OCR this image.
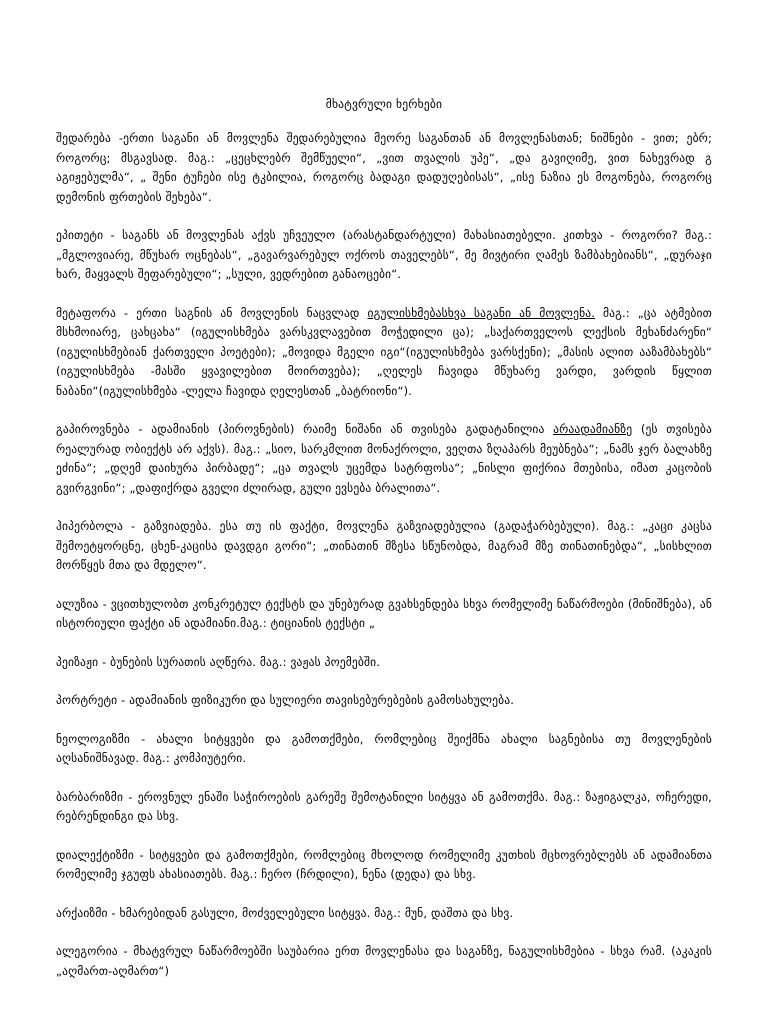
მხატვრული ხერხები

შედარება -ერთი საგანი ან მოვლენა შედარებულია მეორე საგანთან ან მოვლენასთან; ნიშნები - ვით; ებრ; როგორც; მსგავსად. მაგ.: „ცეცხლებრ შემწუელი“, „ვით თვალის უპე“, „და გავიღიმე, ვით ნახევრად გ აგიჟებულმა“, „ შენი ტუჩები ისე ტკბილია, როგორც ბადაგი დადუღებისას“, „ისე ნაზია ეს მოგონება, როგორც დემონის ფრთების შეხება“.

ეპითეტი - საგანს ან მოვლენას აქვს უჩვეულო (არასტანდარტული) მახასიათებელი. კითხვა - როგორი? მაგ.: „მგლოვიარე, მწუხარ ოცნებას“, „გავარვარებულ ოქროს თაველებს“, მე მივტირი ღამეს ზამბახებიანს“, „დურაჯი ხარ, მაყვალს შეფარებული“; „სული, ვედრებით განაოცები“.

მეტაფორა - ერთი საგნის ან მოვლენის ნაცვლად იგულისხმებასხვა საგანი ან მოვლენა. მაგ.: „ცა ატმებით მსხმოიარე, ცახცახა“ (იგულისხმება ვარსკვლავებით მოჭედილი ცა); „საქართველოს ლექსის მეხანძარენი“ (იგულისხმებიან ქართველი პოეტები); „მოვიდა მგელი იგი“(იგულისხმება ვარსქენი); „მასის ალით ააზამბახებს“ (იგულისხმება -მასში ყვავილებით მოირთვება); „ღელეს ჩავიდა მწუხარე ვარდი, ვარდის წყლით ნაბანი“(იგულისხმება -ლელა ჩავიდა ღელესთან „ბატრიონი“).

გაპიროვნება - ადამიანის (პიროვნების) რაიმე ნიშანი ან თვისება გადატანილია არაადამიანზე (ეს თვისება რეალურად ობიექტს არ აქვს). მაგ.: „სიო, სარკმლით მონაქროლი, ვეღთა ზღაპარს მეუბნება“; „ნამს ჯერ ბალახზე ეძინა“; „დღემ დაიხურა პირბადე“; „ცა თვალს უცემდა სატრფოსა“; „ნისლი ფიქრია მთებისა, იმათ კაცობის გვირგვინი“; „დაფიქრდა გველი ძლირად, გული ევსება ბრალითა“.

ჰიპერბოლა - გაზვიადება. ესა თუ ის ფაქტი, მოვლენა გაზვიადებულია (გადაჭარბებული). მაგ.: „კაცი კაცსა შემოეტყორცნე, ცხენ-კაცისა დავდგი გორი“; „თინათინ მზესა სწუნობდა, მაგრამ მზე თინათინებდა“, „სისხლით მორწყეს მთა და მდელო“.

ალუზია - ვცითხულობთ კონკრეტულ ტექსტს და უნებურად გვახსენდება სხვა რომელიმე ნაწარმოები (მინიშნება), ან ისტორიული ფაქტი ან ადამიანი.მაგ.: ტიციანის ტექსტი „

პეიზაჟი - ბუნების სურათის აღწერა. მაგ.: ვაჟას პოემებში.

პორტრეტი - ადამიანის ფიზიკური და სულიერი თავისებურებების გამოსახულება.

ნეოლოგიზმი - ახალი სიტყვები და გამოთქმები, რომლებიც შეიქმნა ახალი საგნებისა თუ მოვლენების აღსანიშნავად. მაგ.: კომპიუტერი.

ბარბარიზმი - ეროვნულ ენაში საჭიროების გარეშე შემოტანილი სიტყვა ან გამოთქმა. მაგ.: ზაჟიგალკა, ოჩერედი, რებრენდინგი და სხვ.

დიალექტიზმი - სიტყვები და გამოთქმები, რომლებიც მხოლოდ რომელიმე კუთხის მცხოვრებლებს ან ადამიანთა რომელიმე ჯგუფს ახასიათებს. მაგ.: ჩერო (ჩრდილი), ნენა (დედა) და სხვ.

არქაიზმი - ხმარებიდან გასული, მოძველებული სიტყვა. მაგ.: მუნ, დაშთა და სხვ.

ალეგორია - მხატვრულ ნაწარმოებში საუბარია ერთ მოვლენასა და საგანზე, ნაგულისხმებია - სხვა რამ. (აკაკის „აღმართ-აღმართ“)
